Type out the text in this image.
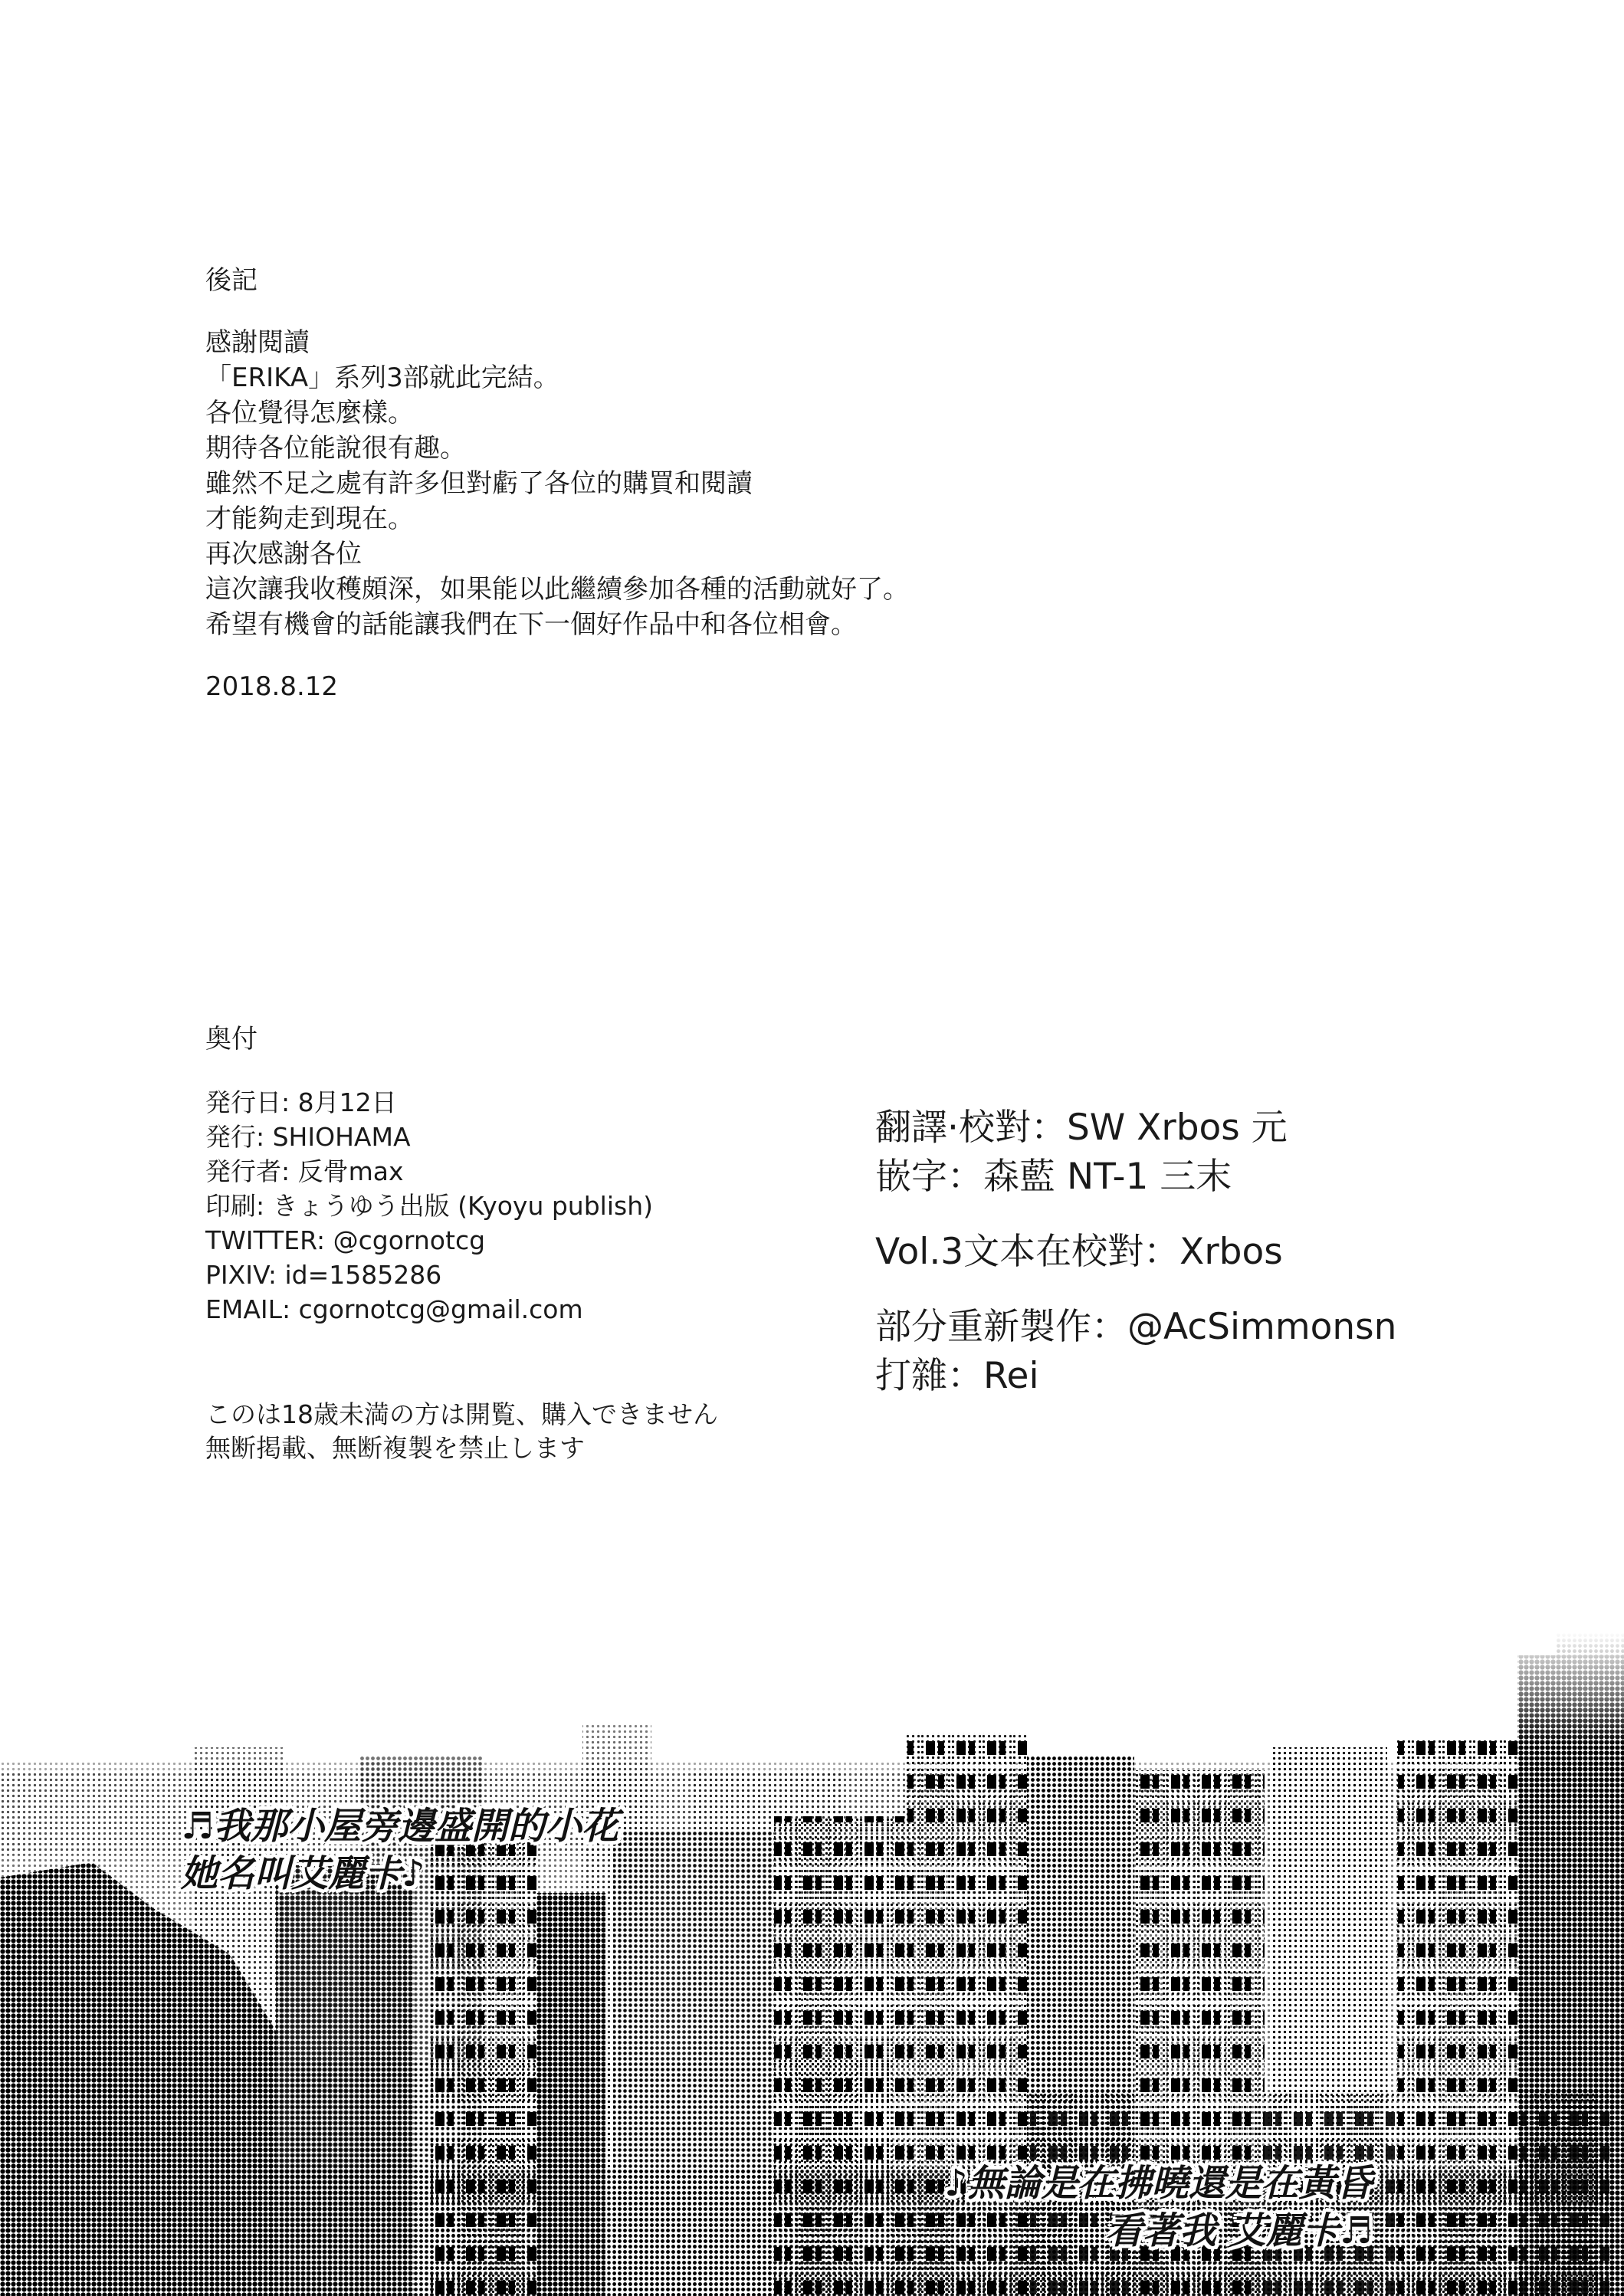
後記
感謝閱讀
「ERIKA」系列3部就此完結。
各位覺得怎麼樣。
期待各位能說很有趣。
雖然不足之處有許多但對虧了各位的購買和閱讀
才能夠走到現在。
再次感謝各位
這次讓我收穫頗深，如果能以此繼續參加各種的活動就好了。
希望有機會的話能讓我們在下一個好作品中和各位相會。
2018.8.12
奥付
発行日: 8月12日
発行: SHIOHAMA
発行者: 反骨max
印刷: きょうゆう出版 (Kyoyu publish)
TWITTER: @cgornotcg
PIXIV: id=1585286
EMAIL: cgornotcg@gmail.com
このは18歳未満の方は開覧、購入できません
無断掲載、無断複製を禁止します
翻譯·校對：SW Xrbos 元
嵌字：森藍 NT-1 三末
Vol.3文本在校對：Xrbos
部分重新製作：@AcSimmonsn
打雜：Rei
♬我那小屋旁邊盛開的小花
她名叫艾麗卡♪
♪無論是在拂曉還是在黃昏
看著我 艾麗卡♬
